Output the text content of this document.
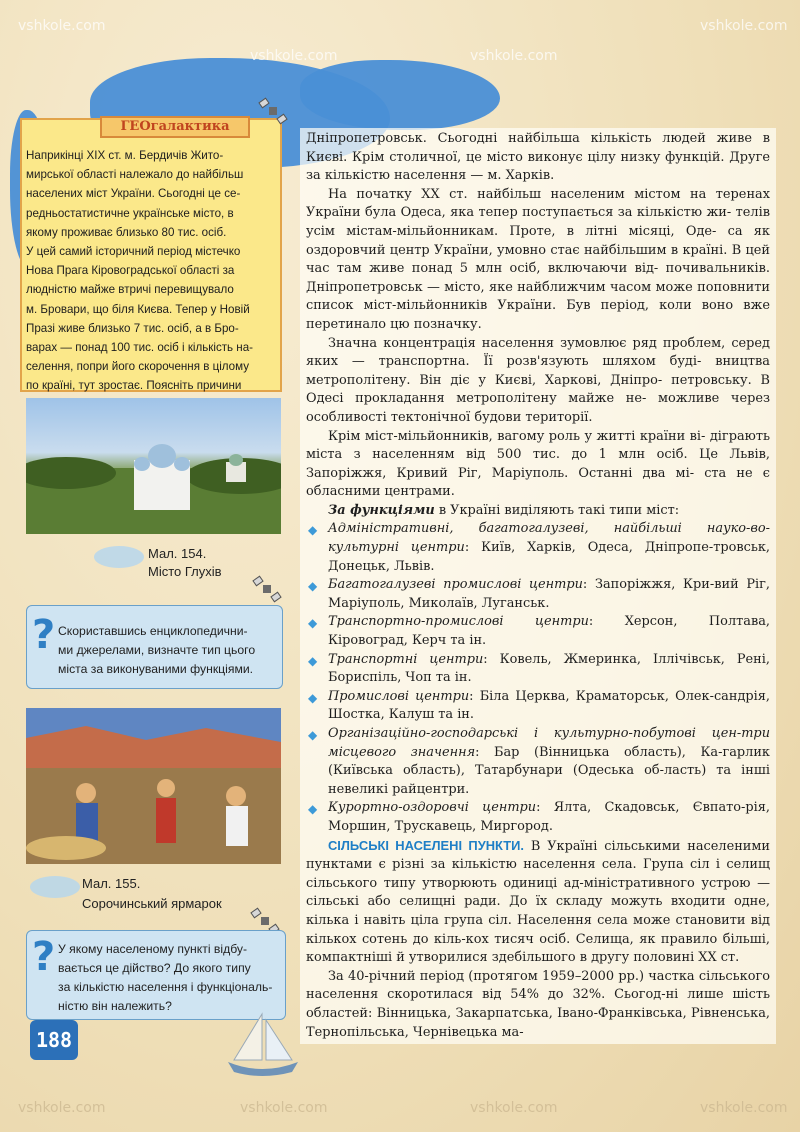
vshkole.com
vshkole.com	vshkole.com
vshkole.com
vshkole.com	vshkole.com	vshkole.com	vshkole.com
ГЕОгалактика
Наприкінці XIX ст. м. Бердичів Жито-
мирської області належало до найбільш
населених міст України. Сьогодні це се-
редньостатистичне українське місто, в
якому проживає близько 80 тис. осіб.
У цей самий історичний період містечко
Нова Прага Кіровоградської області за
людністю майже втричі перевищувало
м. Бровари, що біля Києва. Тепер у Новій
Празі живе близько 7 тис. осіб, а в Бро-
варах — понад 100 тис. осіб і кількість на-
селення, попри його скорочення в цілому
по країні, тут зростає. Поясніть причини
Мал. 154.
Місто Глухів
? Скориставшись енциклопедични-
ми джерелами, визначте тип цього
міста за виконуваними функціями.
Мал. 155.
Сорочинський ярмарок
? У якому населеному пункті відбу-
вається це дійство? До якого типу
за кількістю населення і функціональ-
ністю він належить?
188

Дніпропетровськ. Сьогодні найбільша кількість людей живе в Києві. Крім столичної, це місто виконує цілу низку функцій. Друге за кількістю населення — м. Харків.

На початку XX ст. найбільш населеним містом на теренах України була Одеса, яка тепер поступається за кількістю жи- телів усім містам-мільйонникам. Проте, в літні місяці, Оде- са як оздоровчий центр України, умовно стає найбільшим в країні. В цей час там живе понад 5 млн осіб, включаючи від- почивальників. Дніпропетровськ — місто, яке найближчим часом може поповнити список міст-мільйонників України. Був період, коли воно вже перетинало цю позначку.

Значна концентрація населення зумовлює ряд проблем, серед яких — транспортна. Її розв'язують шляхом буді- вництва метрополітену. Він діє у Києві, Харкові, Дніпро- петровську. В Одесі прокладання метрополітену майже не- можливе через особливості тектонічної будови території.

Крім міст-мільйонників, вагому роль у житті країни ві- діграють міста з населенням від 500 тис. до 1 млн осіб. Це Львів, Запоріжжя, Кривий Ріг, Маріуполь. Останні два мі- ста не є обласними центрами.

За функціями в Україні виділяють такі типи міст:

◆ Адміністративні, багатогалузеві, найбільші науко-во-культурні центри: Київ, Харків, Одеса, Дніпропе-тровськ, Донецьк, Львів.
◆ Багатогалузеві промислові центри: Запоріжжя, Кри-вий Ріг, Маріуполь, Миколаїв, Луганськ.
◆ Транспортно-промислові центри: Херсон, Полтава, Кіровоград, Керч та ін.
◆ Транспортні центри: Ковель, Жмеринка, Іллічівськ, Рені, Бориспіль, Чоп та ін.
◆ Промислові центри: Біла Церква, Краматорськ, Олек-сандрія, Шостка, Калуш та ін.
◆ Організаційно-господарські і культурно-побутові цен-три місцевого значення: Бар (Вінницька область), Ка-гарлик (Київська область), Татарбунари (Одеська об-ласть) та інші невеликі райцентри.
◆ Курортно-оздоровчі центри: Ялта, Скадовськ, Євпато-рія, Моршин, Трускавець, Миргород.

СІЛЬСЬКІ НАСЕЛЕНІ ПУНКТИ. В Україні сільськими населеними пунктами є різні за кількістю населення села. Група сіл і селищ сільського типу утворюють одиниці ад-міністративного устрою — сільські або селищні ради. До їх складу можуть входити одне, кілька і навіть ціла група сіл. Населення села може становити від кількох сотень до кіль-кох тисяч осіб. Селища, як правило більші, компактніші й утворилися здебільшого в другу половині XX ст.

За 40-річний період (протягом 1959–2000 рр.) частка сільського населення скоротилася від 54% до 32%. Сьогод-ні лише шість областей: Вінницька, Закарпатська, Івано-Франківська, Рівненська, Тернопільська, Чернівецька ма-
